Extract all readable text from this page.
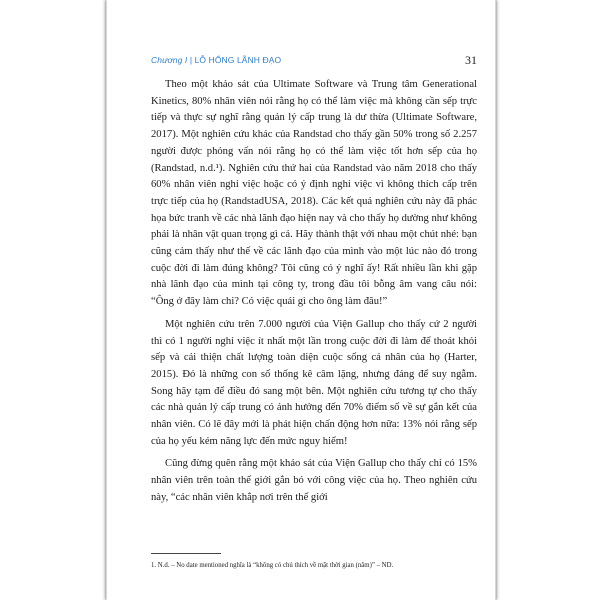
Chương I | LỖ HỔNG LÃNH ĐẠO	31

Theo một khảo sát của Ultimate Software và Trung tâm Generational Kinetics, 80% nhân viên nói rằng họ có thể làm việc mà không cần sếp trực tiếp và thực sự nghĩ rằng quản lý cấp trung là dư thừa (Ultimate Software, 2017). Một nghiên cứu khác của Randstad cho thấy gần 50% trong số 2.257 người được phỏng vấn nói rằng họ có thể làm việc tốt hơn sếp của họ (Randstad, n.d.¹). Nghiên cứu thứ hai của Randstad vào năm 2018 cho thấy 60% nhân viên nghỉ việc hoặc có ý định nghỉ việc vì không thích cấp trên trực tiếp của họ (RandstadUSA, 2018). Các kết quả nghiên cứu này đã phác họa bức tranh về các nhà lãnh đạo hiện nay và cho thấy họ dường như không phải là nhân vật quan trọng gì cả. Hãy thành thật với nhau một chút nhé: bạn cũng cảm thấy như thế về các lãnh đạo của mình vào một lúc nào đó trong cuộc đời đi làm đúng không? Tôi cũng có ý nghĩ ấy! Rất nhiều lần khi gặp nhà lãnh đạo của mình tại công ty, trong đầu tôi bỗng âm vang câu nói: “Ông ở đây làm chi? Có việc quái gì cho ông làm đâu!”

Một nghiên cứu trên 7.000 người của Viện Gallup cho thấy cứ 2 người thì có 1 người nghỉ việc ít nhất một lần trong cuộc đời đi làm để thoát khỏi sếp và cải thiện chất lượng toàn diện cuộc sống cá nhân của họ (Harter, 2015). Đó là những con số thống kê câm lặng, nhưng đáng để suy ngẫm. Song hãy tạm để điều đó sang một bên. Một nghiên cứu tương tự cho thấy các nhà quản lý cấp trung có ảnh hưởng đến 70% điểm số về sự gắn kết của nhân viên. Có lẽ đây mới là phát hiện chấn động hơn nữa: 13% nói rằng sếp của họ yếu kém năng lực đến mức nguy hiểm!

Cũng đừng quên rằng một khảo sát của Viện Gallup cho thấy chỉ có 15% nhân viên trên toàn thế giới gắn bó với công việc của họ. Theo nghiên cứu này, “các nhân viên khắp nơi trên thế giới

1. N.d. – No date mentioned nghĩa là “không có chú thích về mặt thời gian (năm)” – ND.
